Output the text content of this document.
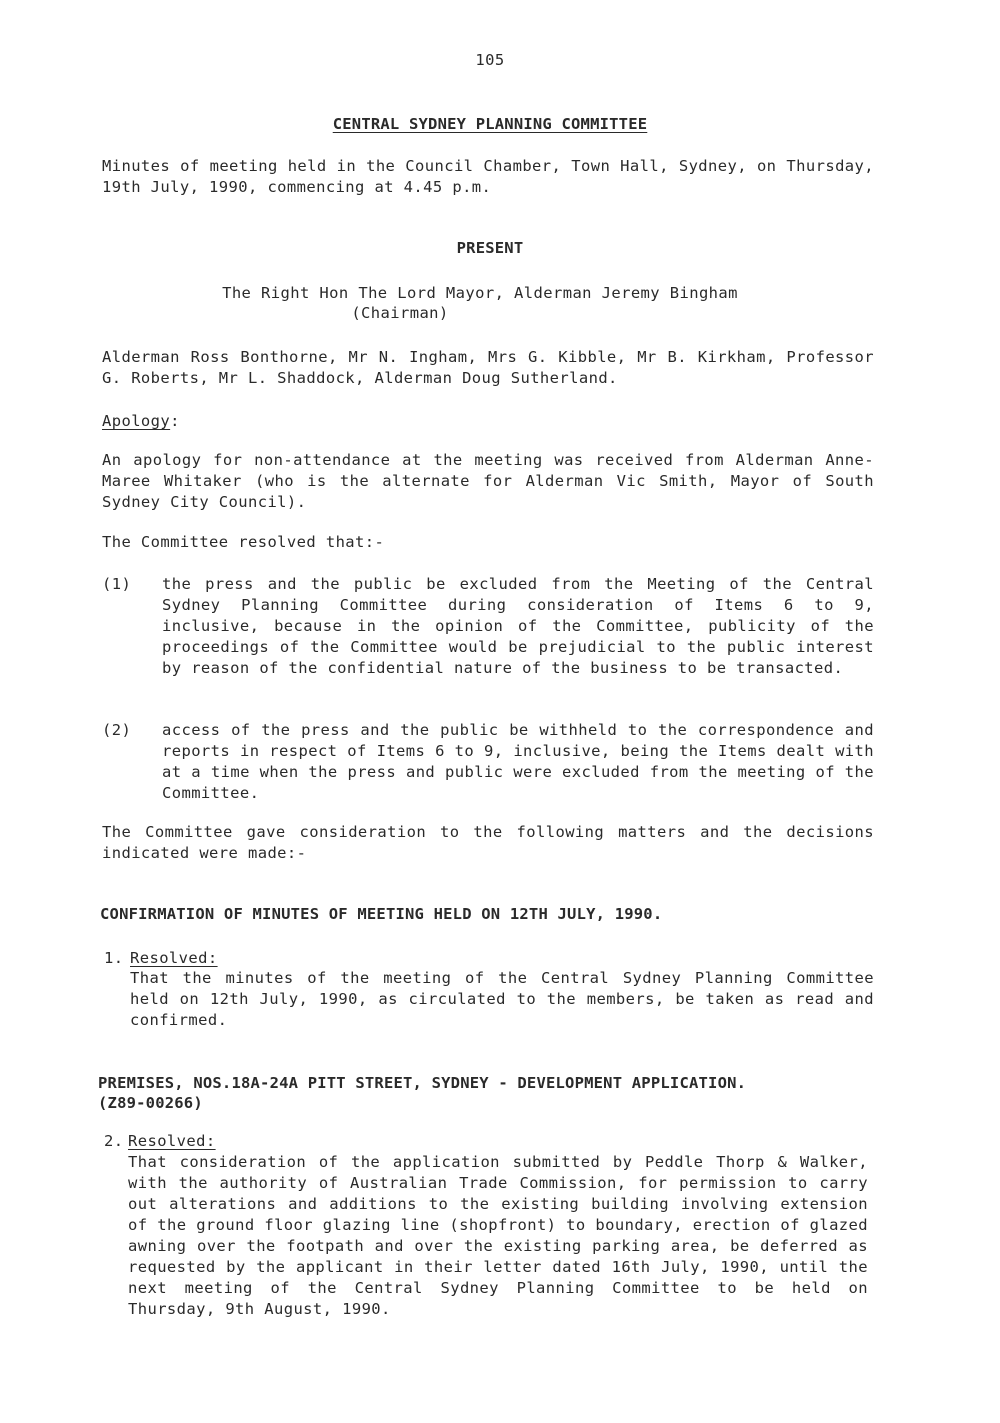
105
CENTRAL SYDNEY PLANNING COMMITTEE

Minutes of meeting held in the Council Chamber, Town Hall, Sydney, on Thursday, 19th July, 1990, commencing at 4.45 p.m.

PRESENT
The Right Hon The Lord Mayor, Alderman Jeremy Bingham
(Chairman)

Alderman Ross Bonthorne, Mr N. Ingham, Mrs G. Kibble, Mr B. Kirkham, Professor G. Roberts, Mr L. Shaddock, Alderman Doug Sutherland.

Apology:

An apology for non-attendance at the meeting was received from Alderman Anne-Maree Whitaker (who is the alternate for Alderman Vic Smith, Mayor of South Sydney City Council).

The Committee resolved that:-
(1)	the press and the public be excluded from the Meeting of the Central Sydney Planning Committee during consideration of Items 6 to 9, inclusive, because in the opinion of the Committee, publicity of the proceedings of the Committee would be prejudicial to the public interest by reason of the confidential nature of the business to be transacted.

(2)	access of the press and the public be withheld to the correspondence and reports in respect of Items 6 to 9, inclusive, being the Items dealt with at a time when the press and public were excluded from the meeting of the Committee.

The Committee gave consideration to the following matters and the decisions indicated were made:-

CONFIRMATION OF MINUTES OF MEETING HELD ON 12TH JULY, 1990.
1. Resolved:

That the minutes of the meeting of the Central Sydney Planning Committee held on 12th July, 1990, as circulated to the members, be taken as read and confirmed.

PREMISES, NOS.18A-24A PITT STREET, SYDNEY - DEVELOPMENT APPLICATION.
(Z89-00266)
2. Resolved:

That consideration of the application submitted by Peddle Thorp & Walker, with the authority of Australian Trade Commission, for permission to carry out alterations and additions to the existing building involving extension of the ground floor glazing line (shopfront) to boundary, erection of glazed awning over the footpath and over the existing parking area, be deferred as requested by the applicant in their letter dated 16th July, 1990, until the next meeting of the Central Sydney Planning Committee to be held on Thursday, 9th August, 1990.
